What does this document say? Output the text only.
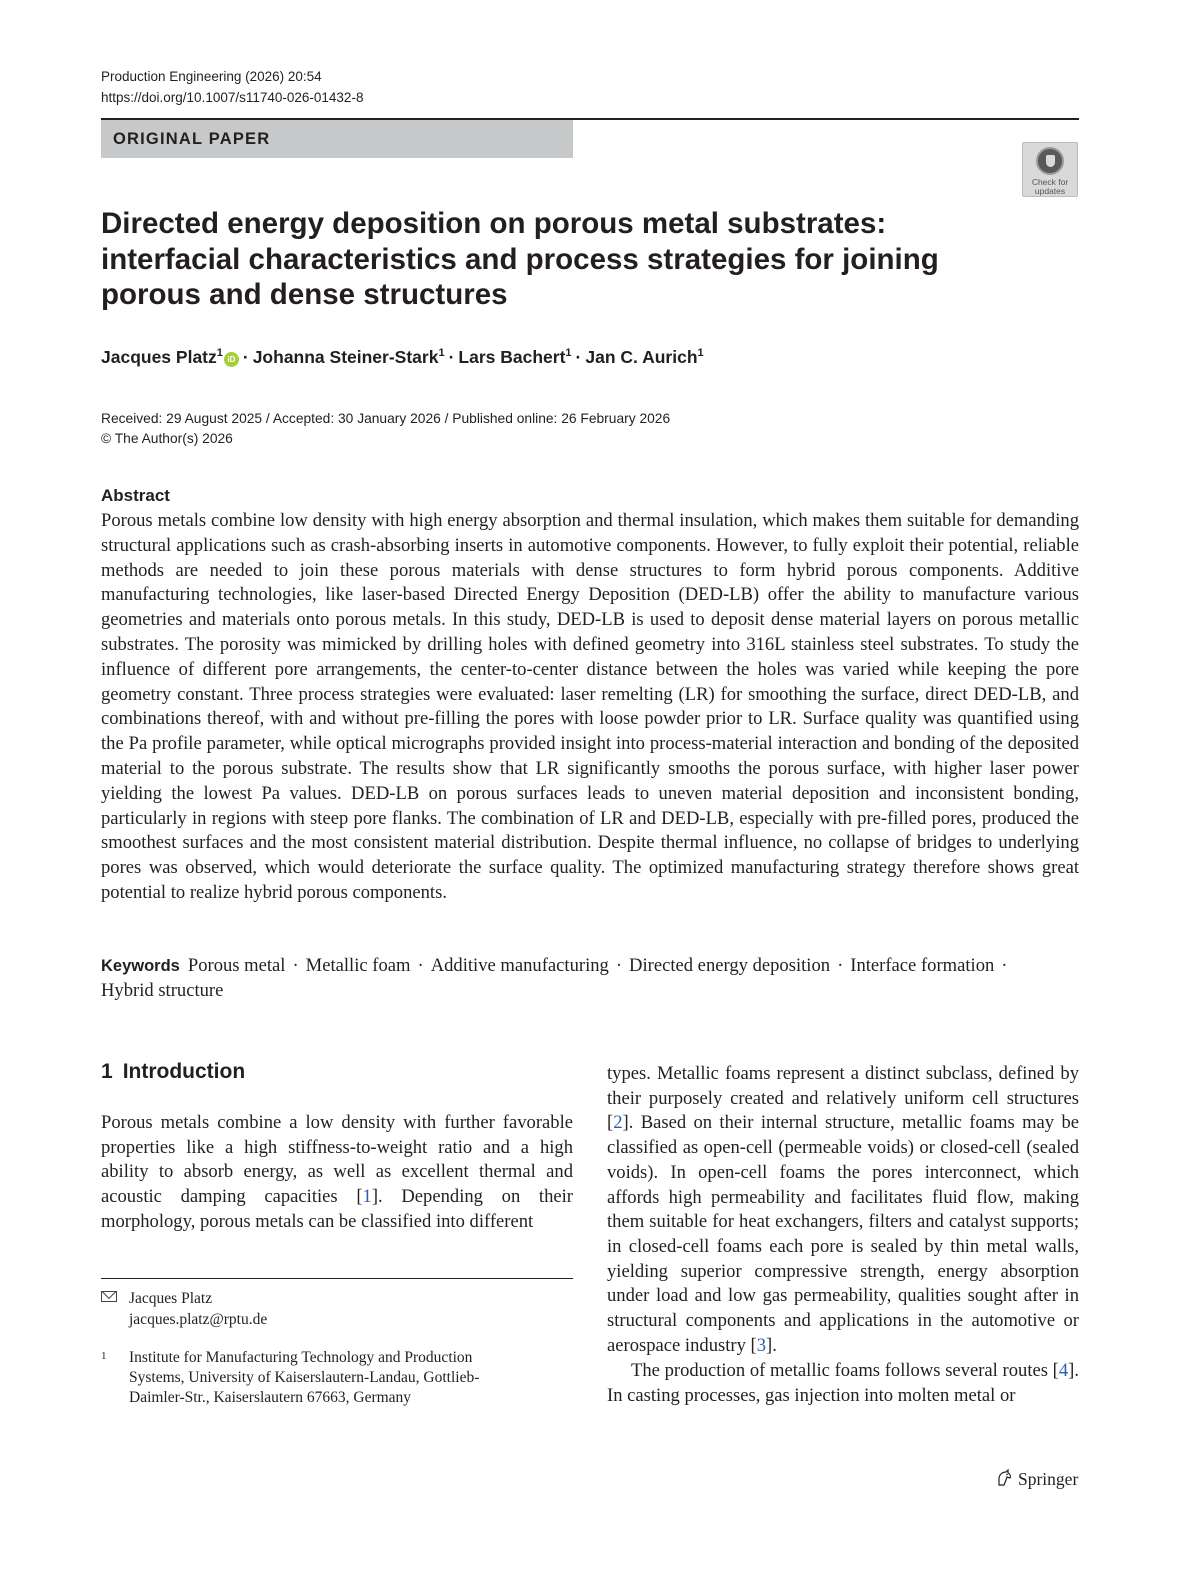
Production Engineering (2026) 20:54
https://doi.org/10.1007/s11740-026-01432-8
ORIGINAL PAPER
Check for
updates
Directed energy deposition on porous metal substrates: interfacial characteristics and process strategies for joining porous and dense structures
Jacques Platz$^1$iD · Johanna Steiner-Stark$^1$ · Lars Bachert$^1$ · Jan C. Aurich$^1$
Received: 29 August 2025 / Accepted: 30 January 2026 / Published online: 26 February 2026
© The Author(s) 2026
Abstract

Porous metals combine low density with high energy absorption and thermal insulation, which makes them suitable for demanding structural applications such as crash-absorbing inserts in automotive components. However, to fully exploit their potential, reliable methods are needed to join these porous materials with dense structures to form hybrid porous components. Additive manufacturing technologies, like laser-based Directed Energy Deposition (DED-LB) offer the ability to manufacture various geometries and materials onto porous metals. In this study, DED-LB is used to deposit dense material layers on porous metallic substrates. The porosity was mimicked by drilling holes with defined geometry into 316L stainless steel substrates. To study the influence of different pore arrangements, the center-to-center distance between the holes was varied while keeping the pore geometry constant. Three process strategies were evaluated: laser remelting (LR) for smoothing the surface, direct DED-LB, and combinations thereof, with and without pre-filling the pores with loose powder prior to LR. Surface quality was quantified using the Pa profile parameter, while optical micrographs provided insight into process-material interaction and bonding of the deposited material to the porous substrate. The results show that LR significantly smooths the porous surface, with higher laser power yielding the lowest Pa values. DED-LB on porous surfaces leads to uneven material deposition and inconsistent bonding, particularly in regions with steep pore flanks. The combination of LR and DED-LB, especially with pre-filled pores, produced the smoothest surfaces and the most consistent material distribution. Despite thermal influence, no collapse of bridges to underlying pores was observed, which would deteriorate the surface quality. The optimized manufacturing strategy therefore shows great potential to realize hybrid porous components.

Keywords Porous metal · Metallic foam · Additive manufacturing · Directed energy deposition · Interface formation ·
Hybrid structure
1 Introduction

Porous metals combine a low density with further favorable properties like a high stiffness-to-weight ratio and a high ability to absorb energy, as well as excellent thermal and acoustic damping capacities [1]. Depending on their morphology, porous metals can be classified into different

types. Metallic foams represent a distinct subclass, defined by their purposely created and relatively uniform cell structures [2]. Based on their internal structure, metallic foams may be classified as open-cell (permeable voids) or closed-cell (sealed voids). In open-cell foams the pores interconnect, which affords high permeability and facilitates fluid flow, making them suitable for heat exchangers, filters and catalyst supports; in closed-cell foams each pore is sealed by thin metal walls, yielding superior compressive strength, energy absorption under load and low gas permeability, qualities sought after in structural components and applications in the automotive or aerospace industry [3].

The production of metallic foams follows several routes [4]. In casting processes, gas injection into molten metal or

Jacques Platz
jacques.platz@rptu.de
1 Institute for Manufacturing Technology and Production
Systems, University of Kaiserslautern-Landau, Gottlieb-
Daimler-Str., Kaiserslautern 67663, Germany
Springer
